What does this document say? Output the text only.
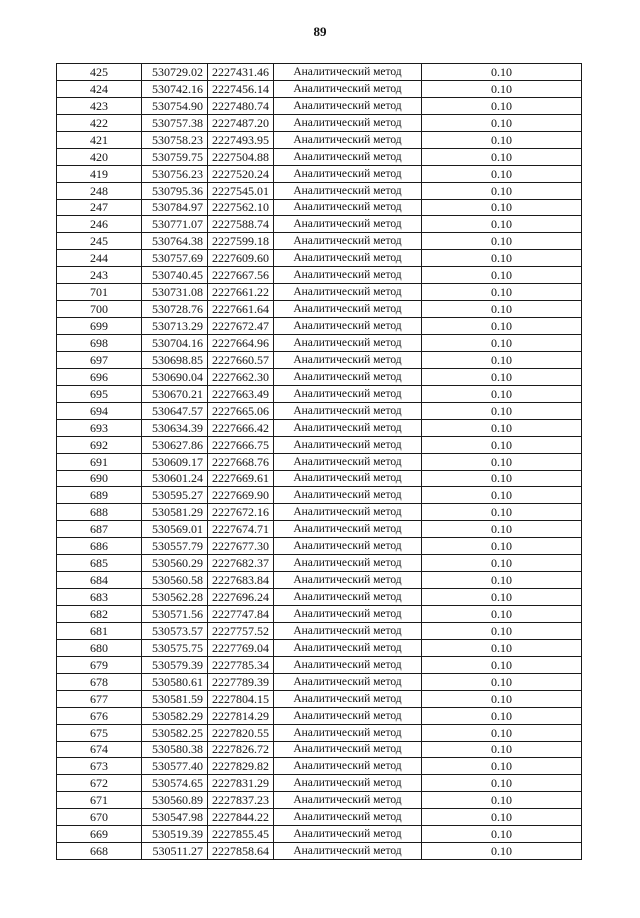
89
425	530729.02	2227431.46	Аналитический метод	0.10
424	530742.16	2227456.14	Аналитический метод	0.10
423	530754.90	2227480.74	Аналитический метод	0.10
422	530757.38	2227487.20	Аналитический метод	0.10
421	530758.23	2227493.95	Аналитический метод	0.10
420	530759.75	2227504.88	Аналитический метод	0.10
419	530756.23	2227520.24	Аналитический метод	0.10
248	530795.36	2227545.01	Аналитический метод	0.10
247	530784.97	2227562.10	Аналитический метод	0.10
246	530771.07	2227588.74	Аналитический метод	0.10
245	530764.38	2227599.18	Аналитический метод	0.10
244	530757.69	2227609.60	Аналитический метод	0.10
243	530740.45	2227667.56	Аналитический метод	0.10
701	530731.08	2227661.22	Аналитический метод	0.10
700	530728.76	2227661.64	Аналитический метод	0.10
699	530713.29	2227672.47	Аналитический метод	0.10
698	530704.16	2227664.96	Аналитический метод	0.10
697	530698.85	2227660.57	Аналитический метод	0.10
696	530690.04	2227662.30	Аналитический метод	0.10
695	530670.21	2227663.49	Аналитический метод	0.10
694	530647.57	2227665.06	Аналитический метод	0.10
693	530634.39	2227666.42	Аналитический метод	0.10
692	530627.86	2227666.75	Аналитический метод	0.10
691	530609.17	2227668.76	Аналитический метод	0.10
690	530601.24	2227669.61	Аналитический метод	0.10
689	530595.27	2227669.90	Аналитический метод	0.10
688	530581.29	2227672.16	Аналитический метод	0.10
687	530569.01	2227674.71	Аналитический метод	0.10
686	530557.79	2227677.30	Аналитический метод	0.10
685	530560.29	2227682.37	Аналитический метод	0.10
684	530560.58	2227683.84	Аналитический метод	0.10
683	530562.28	2227696.24	Аналитический метод	0.10
682	530571.56	2227747.84	Аналитический метод	0.10
681	530573.57	2227757.52	Аналитический метод	0.10
680	530575.75	2227769.04	Аналитический метод	0.10
679	530579.39	2227785.34	Аналитический метод	0.10
678	530580.61	2227789.39	Аналитический метод	0.10
677	530581.59	2227804.15	Аналитический метод	0.10
676	530582.29	2227814.29	Аналитический метод	0.10
675	530582.25	2227820.55	Аналитический метод	0.10
674	530580.38	2227826.72	Аналитический метод	0.10
673	530577.40	2227829.82	Аналитический метод	0.10
672	530574.65	2227831.29	Аналитический метод	0.10
671	530560.89	2227837.23	Аналитический метод	0.10
670	530547.98	2227844.22	Аналитический метод	0.10
669	530519.39	2227855.45	Аналитический метод	0.10
668	530511.27	2227858.64	Аналитический метод	0.10
